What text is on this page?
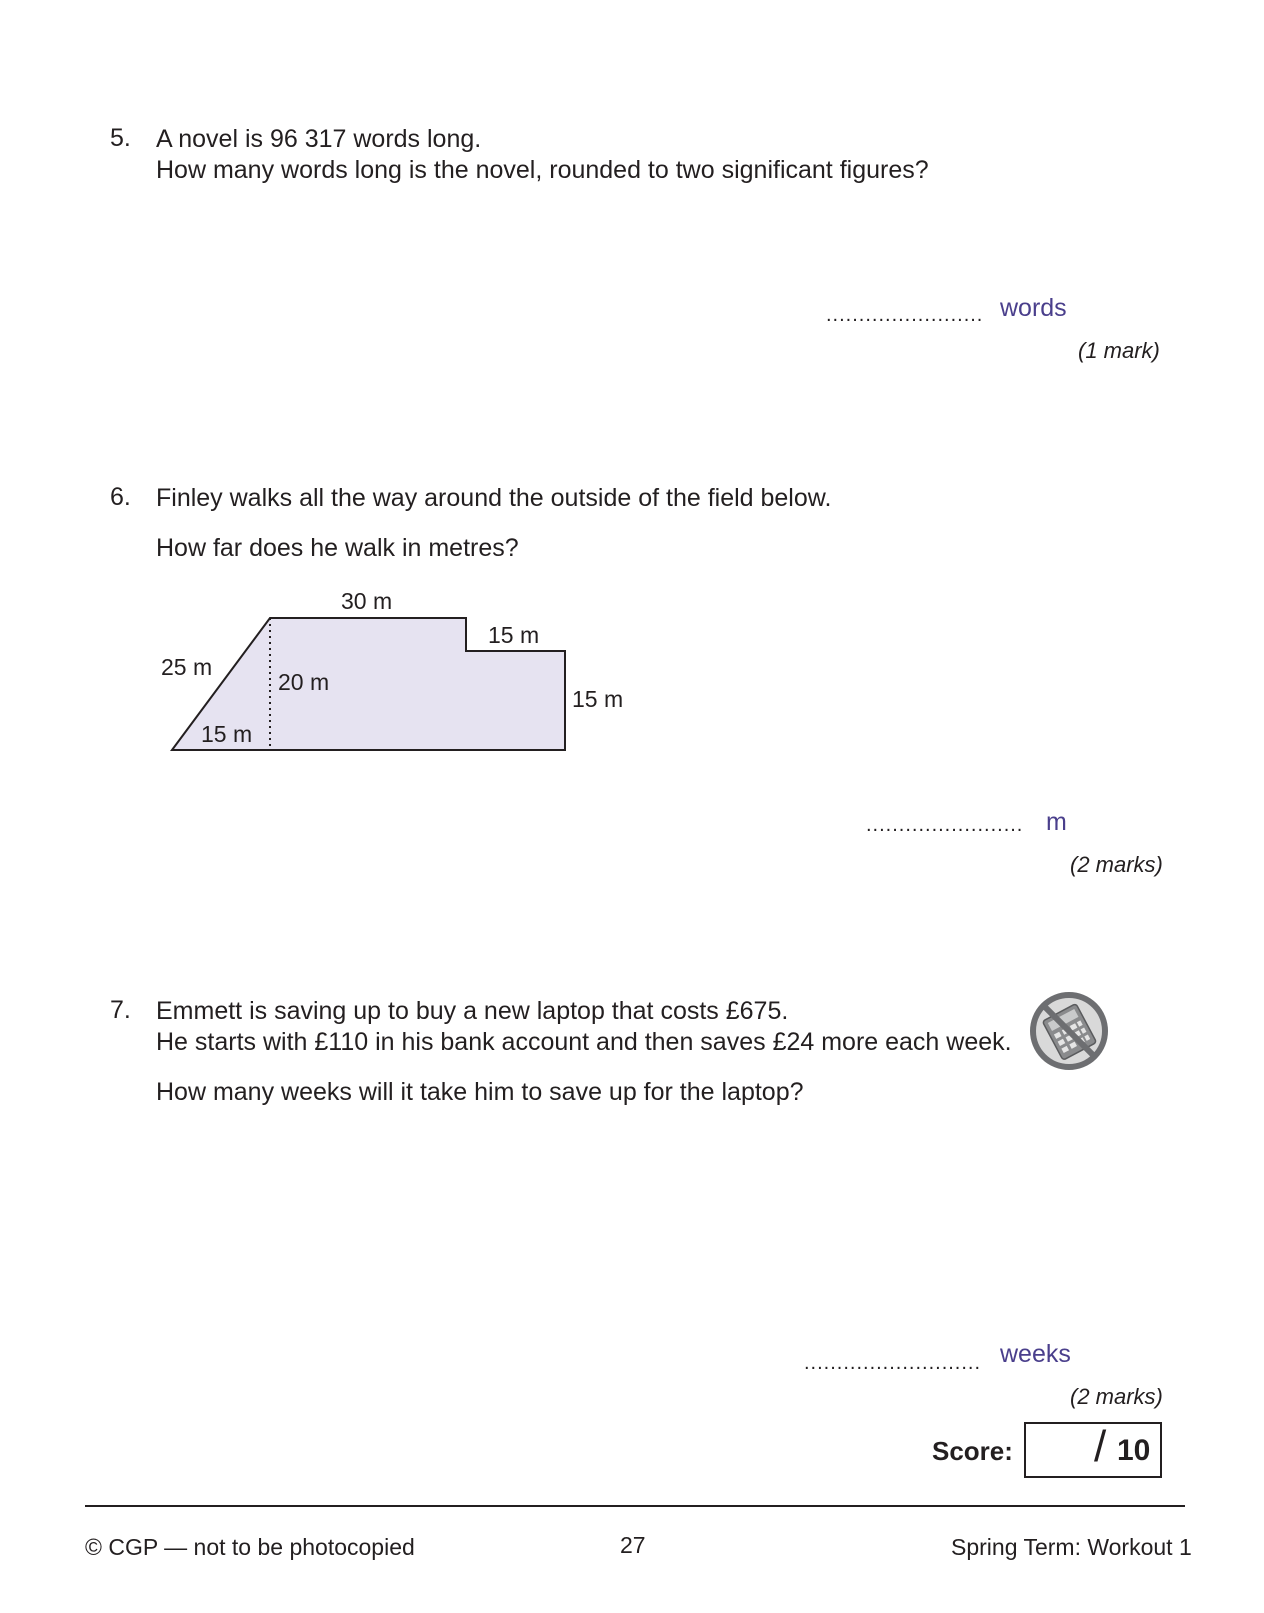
5. A novel is 96 317 words long.
How many words long is the novel, rounded to two significant figures?
........................ words
(1 mark)
6. Finley walks all the way around the outside of the field below.
How far does he walk in metres?
30 m
15 m
15 m
25 m
20 m
15 m
........................ m
(2 marks)
7. Emmett is saving up to buy a new laptop that costs £675.
He starts with £110 in his bank account and then saves £24 more each week.
How many weeks will it take him to save up for the laptop?
........................... weeks
(2 marks)
Score: / 10
© CGP — not to be photocopied	27	Spring Term: Workout 1
